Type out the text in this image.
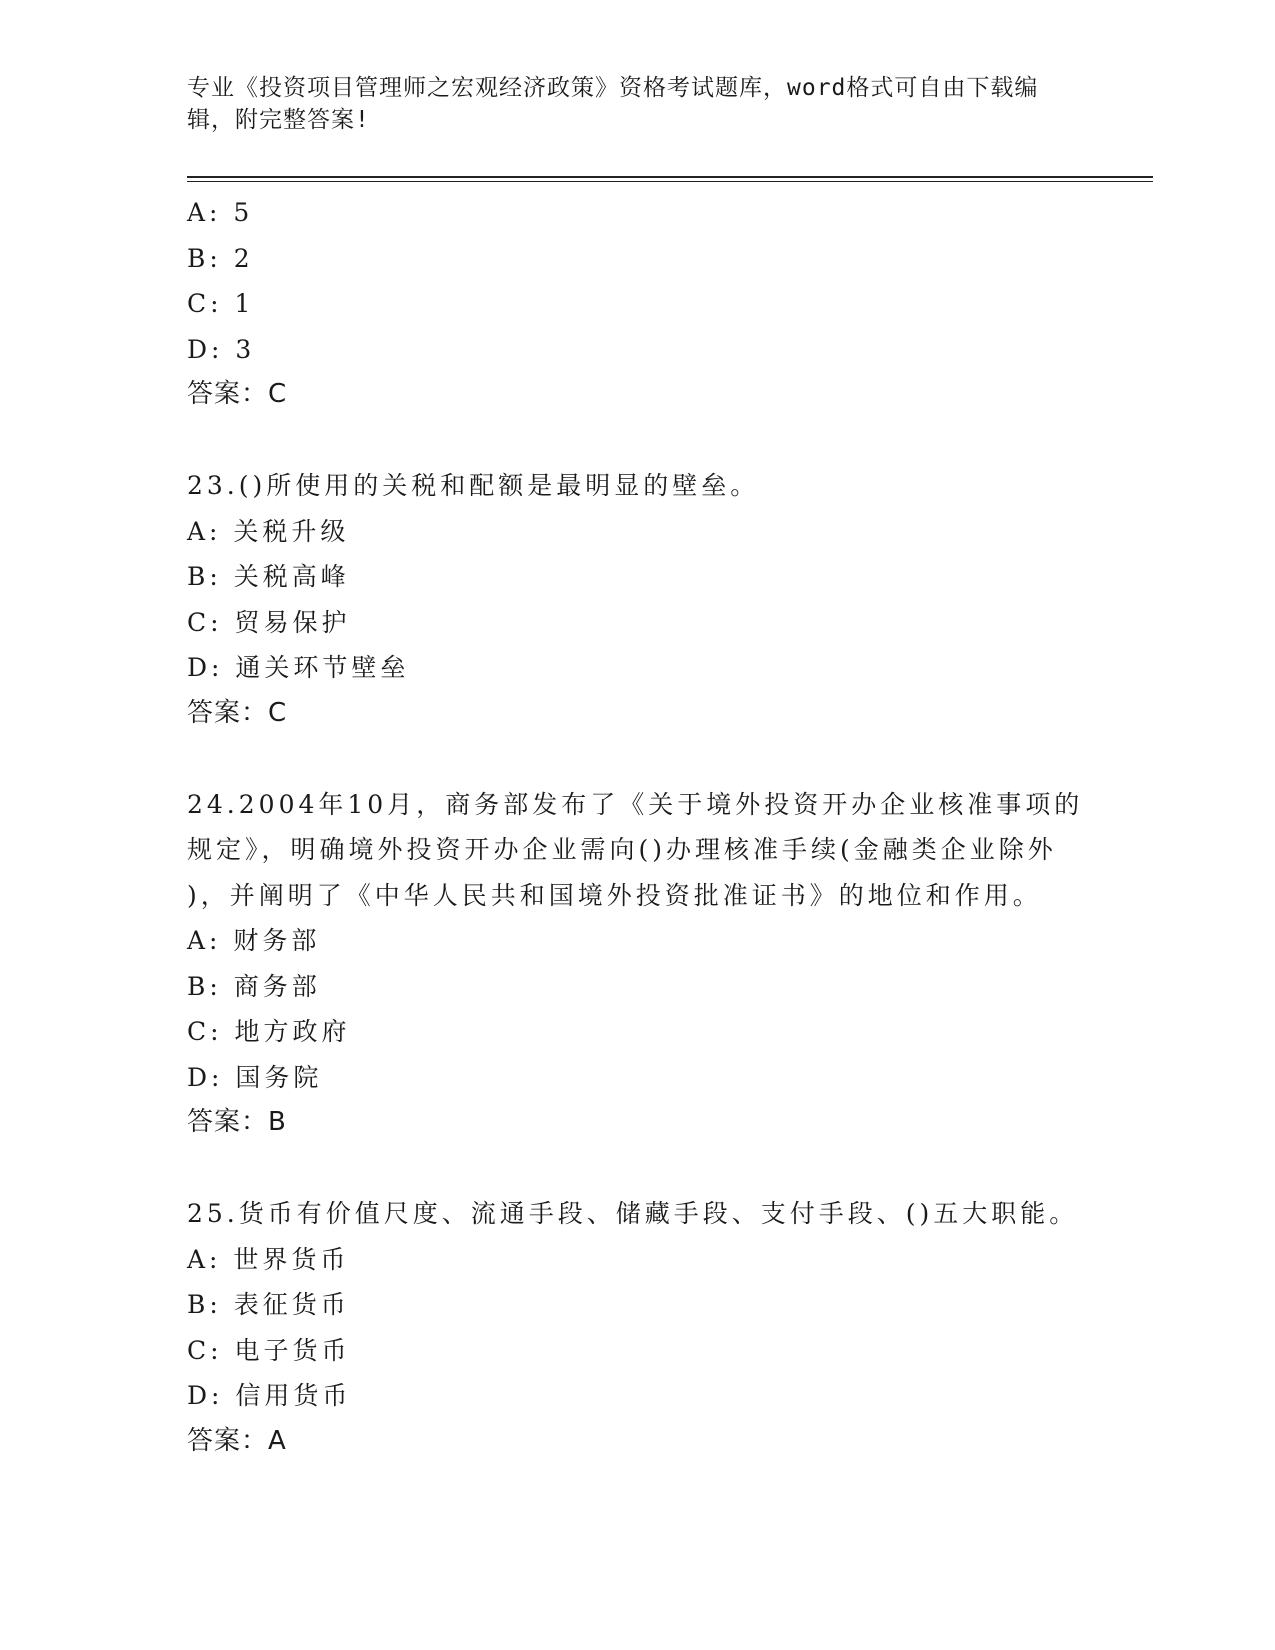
专业《投资项目管理师之宏观经济政策》资格考试题库，word格式可自由下载编
辑，附完整答案!
A: 5
B: 2
C: 1
D: 3
答案：C
23.()所使用的关税和配额是最明显的壁垒。
A: 关税升级
B: 关税高峰
C: 贸易保护
D: 通关环节壁垒
答案：C
24.2004年10月，商务部发布了《关于境外投资开办企业核准事项的
规定》，明确境外投资开办企业需向()办理核准手续(金融类企业除外
)，并阐明了《中华人民共和国境外投资批准证书》的地位和作用。
A: 财务部
B: 商务部
C: 地方政府
D: 国务院
答案：B
25.货币有价值尺度、流通手段、储藏手段、支付手段、()五大职能。
A: 世界货币
B: 表征货币
C: 电子货币
D: 信用货币
答案：A
